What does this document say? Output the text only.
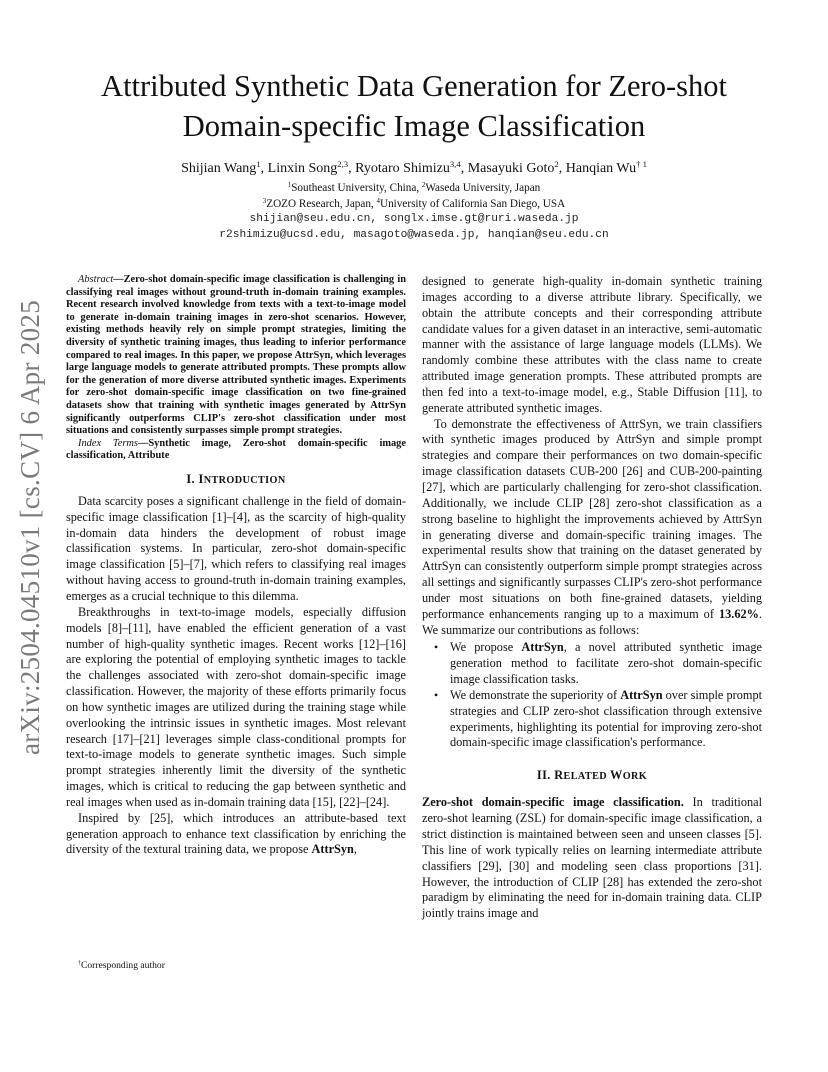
arXiv:2504.04510v1 [cs.CV] 6 Apr 2025
Attributed Synthetic Data Generation for Zero-shot
Domain-specific Image Classification
Shijian Wang$^1$, Linxin Song$^{2,3}$, Ryotaro Shimizu$^{3,4}$, Masayuki Goto$^2$, Hanqian Wu$^{\dagger 1}$
$^1$Southeast University, China, $^2$Waseda University, Japan
$^3$ZOZO Research, Japan, $^4$University of California San Diego, USA
shijian@seu.edu.cn, songlx.imse.gt@ruri.waseda.jp
r2shimizu@ucsd.edu, masagoto@waseda.jp, hanqian@seu.edu.cn

Abstract—Zero-shot domain-specific image classification is challenging in classifying real images without ground-truth in-domain training examples. Recent research involved knowledge from texts with a text-to-image model to generate in-domain training images in zero-shot scenarios. However, existing methods heavily rely on simple prompt strategies, limiting the diversity of synthetic training images, thus leading to inferior performance compared to real images. In this paper, we propose AttrSyn, which leverages large language models to generate attributed prompts. These prompts allow for the generation of more diverse attributed synthetic images. Experiments for zero-shot domain-specific image classification on two fine-grained datasets show that training with synthetic images generated by AttrSyn significantly outperforms CLIP's zero-shot classification under most situations and consistently surpasses simple prompt strategies.

Index Terms—Synthetic image, Zero-shot domain-specific image classification, Attribute

I. INTRODUCTION

Data scarcity poses a significant challenge in the field of domain-specific image classification [1]–[4], as the scarcity of high-quality in-domain data hinders the development of robust image classification systems. In particular, zero-shot domain-specific image classification [5]–[7], which refers to classifying real images without having access to ground-truth in-domain training examples, emerges as a crucial technique to this dilemma.

Breakthroughs in text-to-image models, especially diffusion models [8]–[11], have enabled the efficient generation of a vast number of high-quality synthetic images. Recent works [12]–[16] are exploring the potential of employing synthetic images to tackle the challenges associated with zero-shot domain-specific image classification. However, the majority of these efforts primarily focus on how synthetic images are utilized during the training stage while overlooking the intrinsic issues in synthetic images. Most relevant research [17]–[21] leverages simple class-conditional prompts for text-to-image models to generate synthetic images. Such simple prompt strategies inherently limit the diversity of the synthetic images, which is critical to reducing the gap between synthetic and real images when used as in-domain training data [15], [22]–[24].

Inspired by [25], which introduces an attribute-based text generation approach to enhance text classification by enriching the diversity of the textural training data, we propose AttrSyn,

designed to generate high-quality in-domain synthetic training images according to a diverse attribute library. Specifically, we obtain the attribute concepts and their corresponding attribute candidate values for a given dataset in an interactive, semi-automatic manner with the assistance of large language models (LLMs). We randomly combine these attributes with the class name to create attributed image generation prompts. These attributed prompts are then fed into a text-to-image model, e.g., Stable Diffusion [11], to generate attributed synthetic images.

To demonstrate the effectiveness of AttrSyn, we train classifiers with synthetic images produced by AttrSyn and simple prompt strategies and compare their performances on two domain-specific image classification datasets CUB-200 [26] and CUB-200-painting [27], which are particularly challenging for zero-shot classification. Additionally, we include CLIP [28] zero-shot classification as a strong baseline to highlight the improvements achieved by AttrSyn in generating diverse and domain-specific training images. The experimental results show that training on the dataset generated by AttrSyn can consistently outperform simple prompt strategies across all settings and significantly surpasses CLIP's zero-shot performance under most situations on both fine-grained datasets, yielding performance enhancements ranging up to a maximum of 13.62%. We summarize our contributions as follows:

• We propose AttrSyn, a novel attributed synthetic image generation method to facilitate zero-shot domain-specific image classification tasks.
• We demonstrate the superiority of AttrSyn over simple prompt strategies and CLIP zero-shot classification through extensive experiments, highlighting its potential for improving zero-shot domain-specific image classification's performance.
II. RELATED WORK

Zero-shot domain-specific image classification. In traditional zero-shot learning (ZSL) for domain-specific image classification, a strict distinction is maintained between seen and unseen classes [5]. This line of work typically relies on learning intermediate attribute classifiers [29], [30] and modeling seen class proportions [31]. However, the introduction of CLIP [28] has extended the zero-shot paradigm by eliminating the need for in-domain training data. CLIP jointly trains image and

†Corresponding author
